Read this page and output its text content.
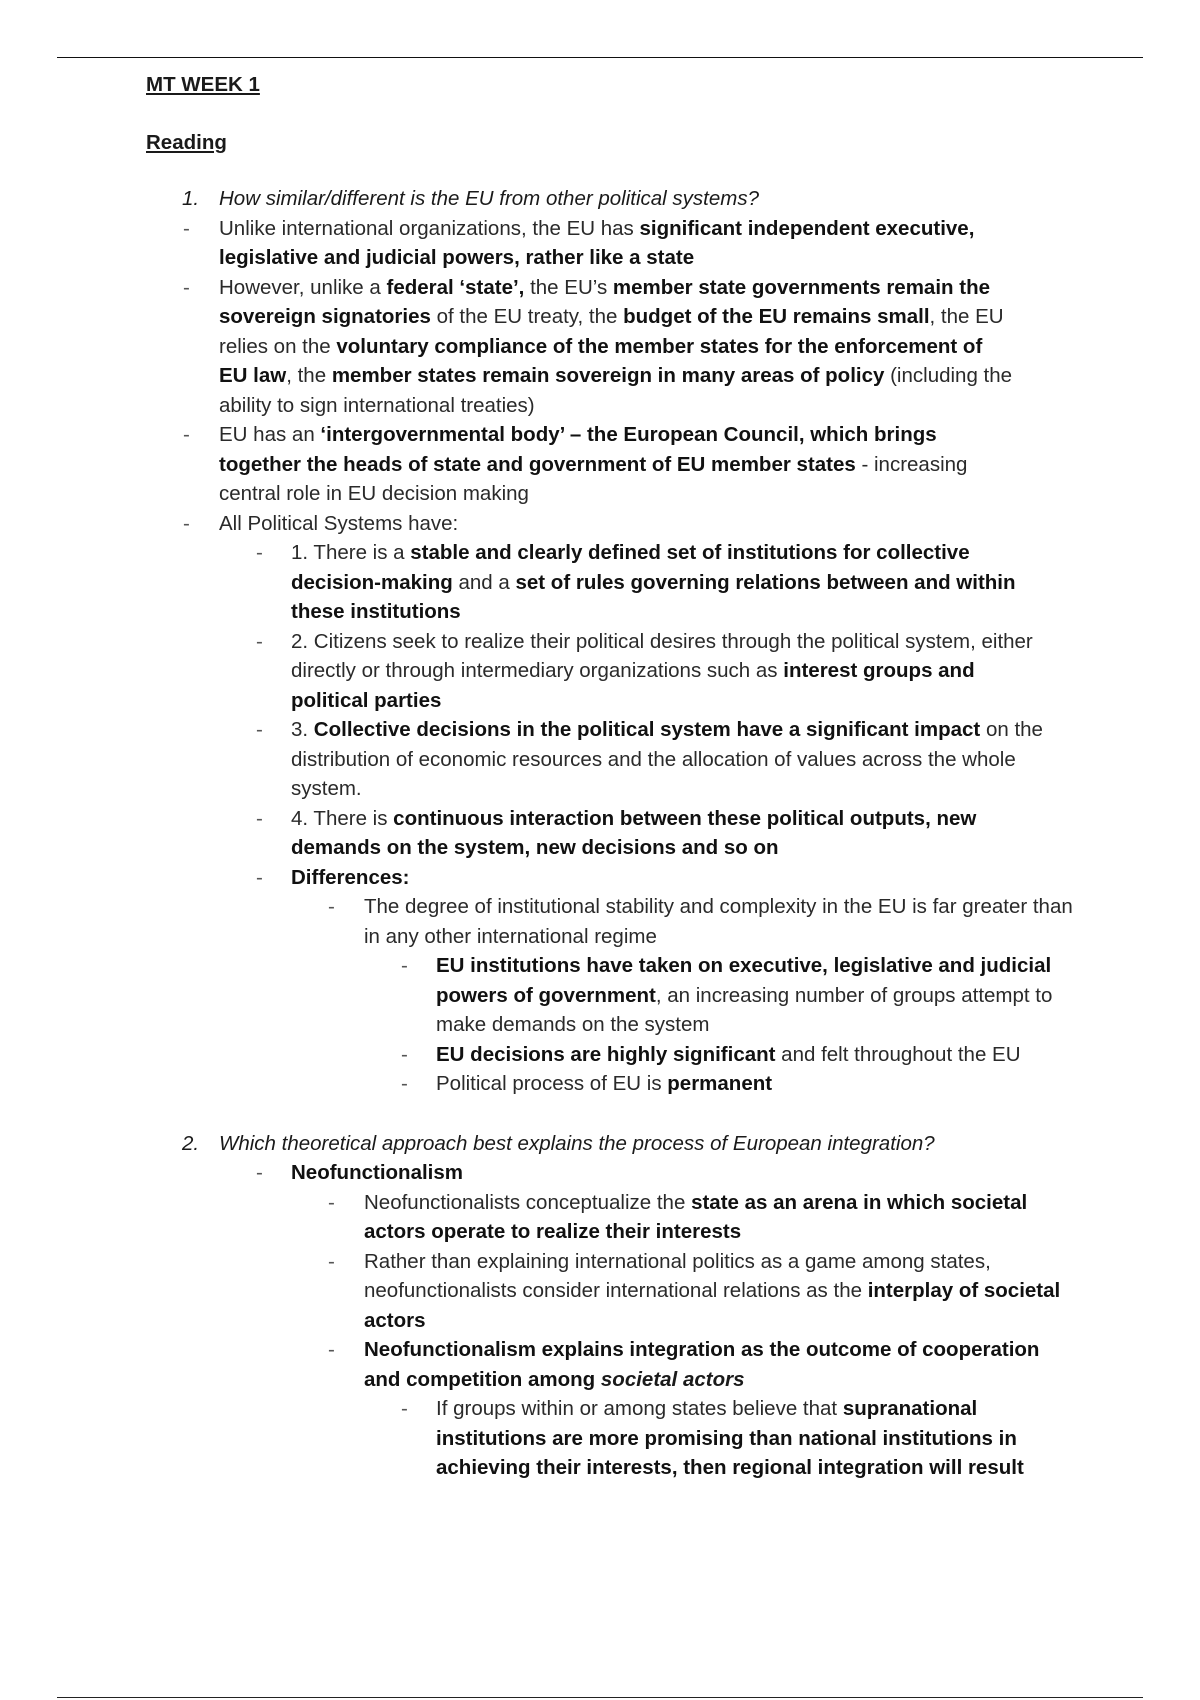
MT WEEK 1

Reading

1. How similar/different is the EU from other political systems?
- Unlike international organizations, the EU has significant independent executive, legislative and judicial powers, rather like a state
- However, unlike a federal ‘state’, the EU’s member state governments remain the sovereign signatories of the EU treaty, the budget of the EU remains small, the EU relies on the voluntary compliance of the member states for the enforcement of EU law, the member states remain sovereign in many areas of policy (including the ability to sign international treaties)
- EU has an ‘intergovernmental body’ – the European Council, which brings together the heads of state and government of EU member states - increasing central role in EU decision making
- All Political Systems have:
- 1. There is a stable and clearly defined set of institutions for collective decision-making and a set of rules governing relations between and within these institutions
- 2. Citizens seek to realize their political desires through the political system, either directly or through intermediary organizations such as interest groups and political parties
- 3. Collective decisions in the political system have a significant impact on the distribution of economic resources and the allocation of values across the whole system.
- 4. There is continuous interaction between these political outputs, new demands on the system, new decisions and so on
- Differences:
- The degree of institutional stability and complexity in the EU is far greater than in any other international regime
- EU institutions have taken on executive, legislative and judicial powers of government, an increasing number of groups attempt to make demands on the system
- EU decisions are highly significant and felt throughout the EU
- Political process of EU is permanent
2. Which theoretical approach best explains the process of European integration?
- Neofunctionalism
- Neofunctionalists conceptualize the state as an arena in which societal actors operate to realize their interests
- Rather than explaining international politics as a game among states, neofunctionalists consider international relations as the interplay of societal actors
- Neofunctionalism explains integration as the outcome of cooperation and competition among societal actors
- If groups within or among states believe that supranational institutions are more promising than national institutions in achieving their interests, then regional integration will result
